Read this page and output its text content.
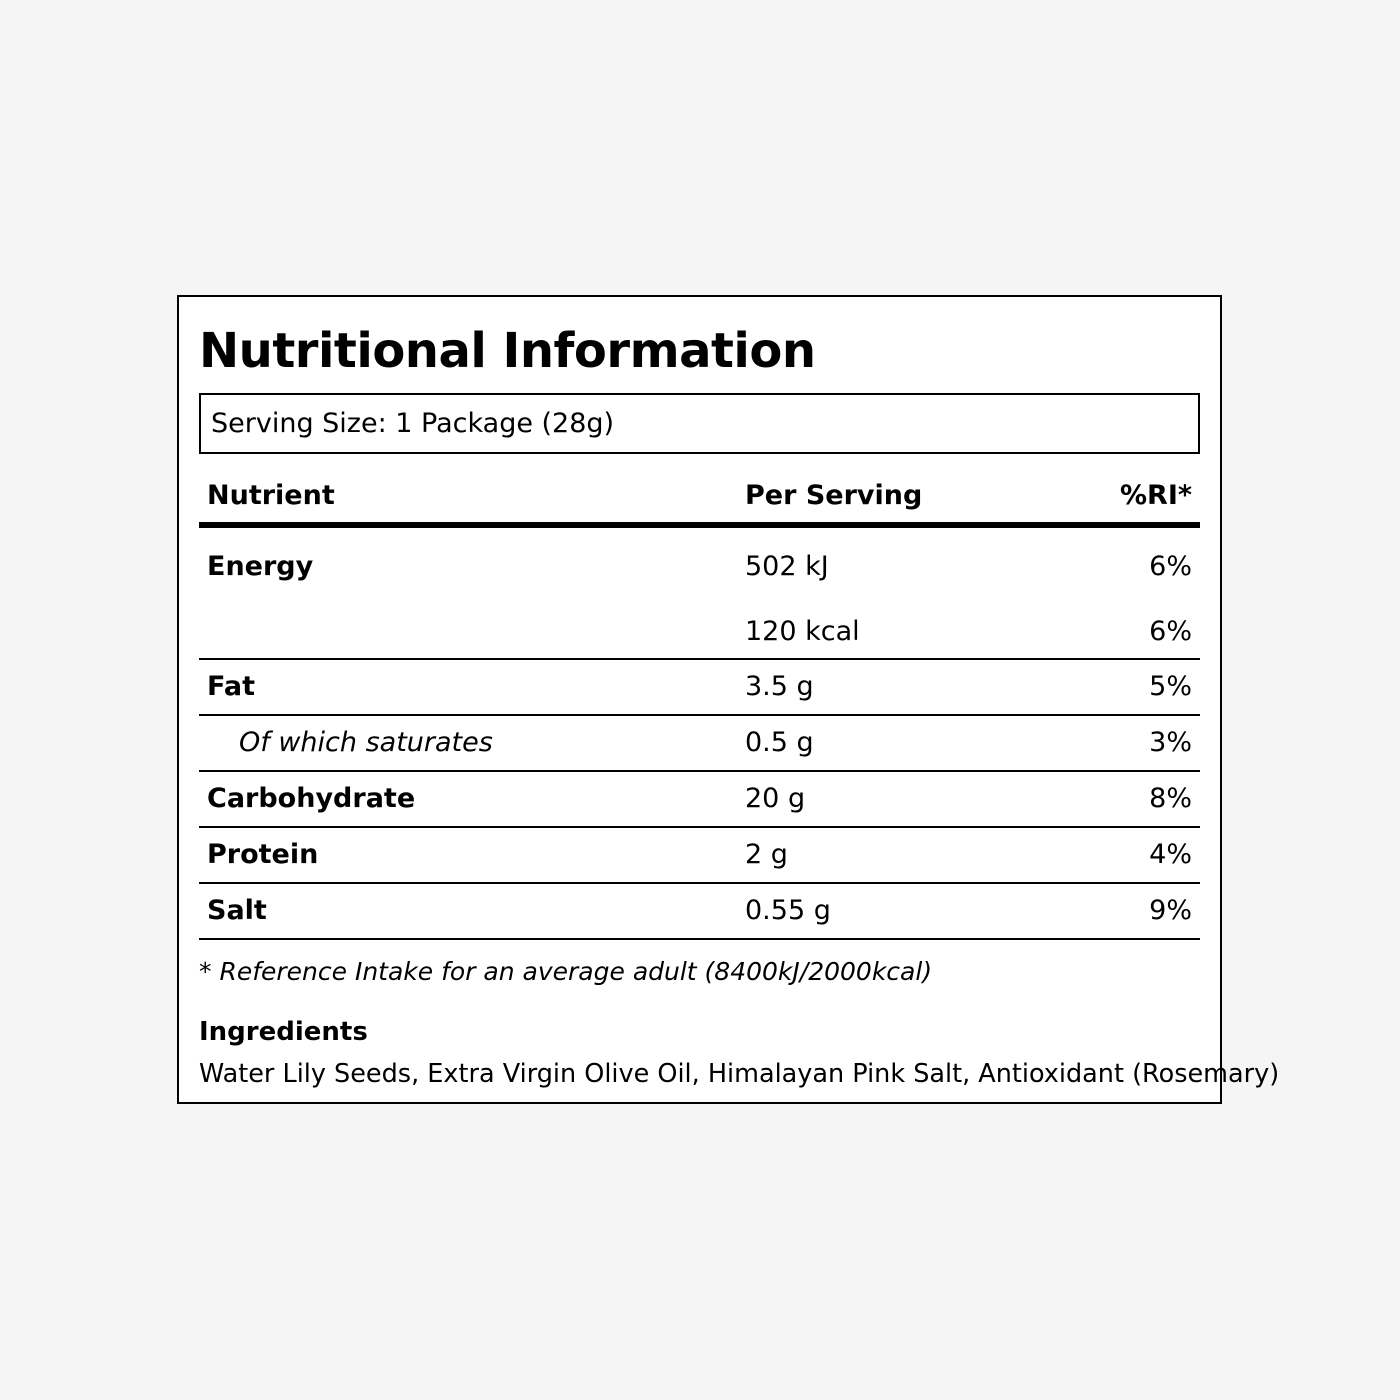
Nutritional Information
Serving Size: 1 Package (28g)
Nutrient	Per Serving	%RI*
Energy	502 kJ	6%
	120 kcal	6%
Fat	3.5 g	5%
Of which saturates	0.5 g	3%
Carbohydrate	20 g	8%
Protein	2 g	4%
Salt	0.55 g	9%
* Reference Intake for an average adult (8400kJ/2000kcal)
Ingredients
Water Lily Seeds, Extra Virgin Olive Oil, Himalayan Pink Salt, Antioxidant (Rosemary)
